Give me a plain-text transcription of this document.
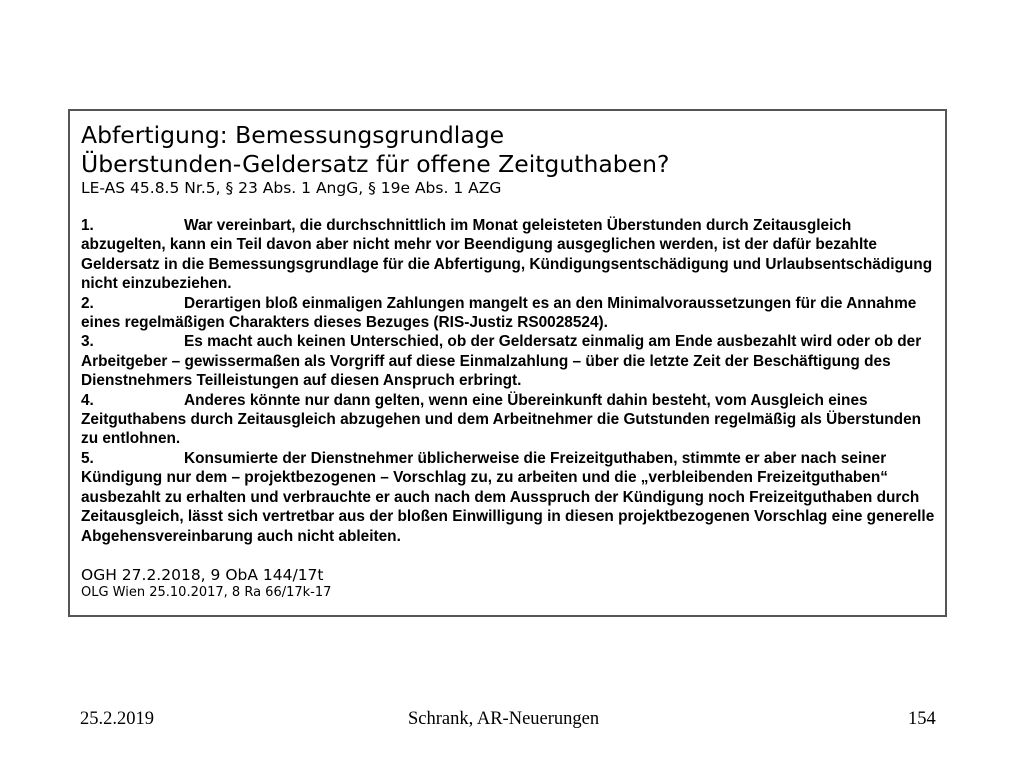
Abfertigung: Bemessungsgrundlage
Überstunden-Geldersatz für offene Zeitguthaben?
LE-AS 45.8.5 Nr.5, § 23 Abs. 1 AngG, § 19e Abs. 1 AZG

1.	War vereinbart, die durchschnittlich im Monat geleisteten Überstunden durch Zeitausgleich abzugelten, kann ein Teil davon aber nicht mehr vor Beendigung ausgeglichen werden, ist der dafür bezahlte Geldersatz in die Bemessungsgrundlage für die Abfertigung, Kündigungsentschädigung und Urlaubsentschädigung nicht einzubeziehen.

2.	Derartigen bloß einmaligen Zahlungen mangelt es an den Minimalvoraussetzungen für die Annahme eines regelmäßigen Charakters dieses Bezuges (RIS-Justiz RS0028524).

3.	Es macht auch keinen Unterschied, ob der Geldersatz einmalig am Ende ausbezahlt wird oder ob der Arbeitgeber – gewissermaßen als Vorgriff auf diese Einmalzahlung – über die letzte Zeit der Beschäftigung des Dienstnehmers Teilleistungen auf diesen Anspruch erbringt.

4.	Anderes könnte nur dann gelten, wenn eine Übereinkunft dahin besteht, vom Ausgleich eines Zeitguthabens durch Zeitausgleich abzugehen und dem Arbeitnehmer die Gutstunden regelmäßig als Überstunden zu entlohnen.

5.	Konsumierte der Dienstnehmer üblicherweise die Freizeitguthaben, stimmte er aber nach seiner Kündigung nur dem – projektbezogenen – Vorschlag zu, zu arbeiten und die „verbleibenden Freizeitguthaben“ ausbezahlt zu erhalten und verbrauchte er auch nach dem Ausspruch der Kündigung noch Freizeitguthaben durch Zeitausgleich, lässt sich vertretbar aus der bloßen Einwilligung in diesen projektbezogenen Vorschlag eine generelle Abgehensvereinbarung auch nicht ableiten.

OGH 27.2.2018, 9 ObA 144/17t
OLG Wien 25.10.2017, 8 Ra 66/17k-17
25.2.2019	Schrank, AR-Neuerungen	154
